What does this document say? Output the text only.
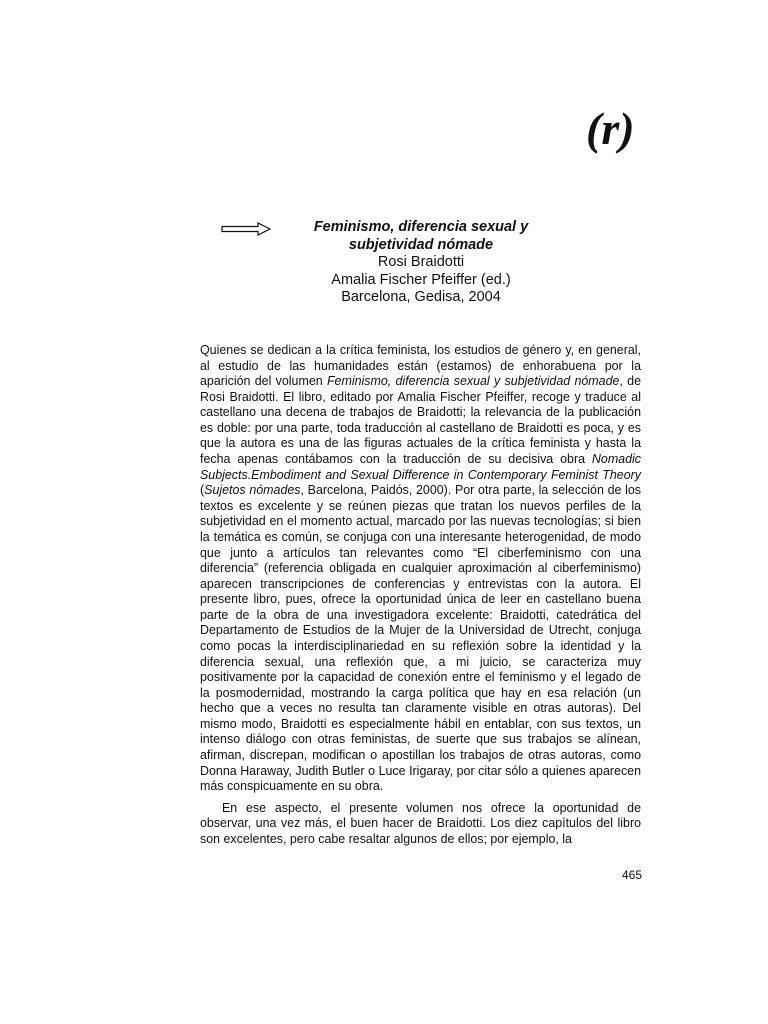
(r)
Feminismo, diferencia sexual y
subjetividad nómade
Rosi Braidotti
Amalia Fischer Pfeiffer (ed.)
Barcelona, Gedisa, 2004

Quienes se dedican a la crítica feminista, los estudios de género y, en general, al estudio de las humanidades están (estamos) de enhorabuena por la aparición del volumen Feminismo, diferencia sexual y subjetividad nómade, de Rosi Braidotti. El libro, editado por Amalia Fischer Pfeiffer, recoge y traduce al castellano una decena de trabajos de Braidotti; la relevancia de la publicación es doble: por una parte, toda traducción al castellano de Braidotti es poca, y es que la autora es una de las figuras actuales de la crítica feminista y hasta la fecha apenas contábamos con la traducción de su decisiva obra Nomadic Subjects.Embodiment and Sexual Difference in Contemporary Feminist Theory (Sujetos nómades, Barcelona, Paidós, 2000). Por otra parte, la selección de los textos es excelente y se reúnen piezas que tratan los nuevos perfiles de la subjetividad en el momento actual, marcado por las nuevas tecnologías; si bien la temática es común, se conjuga con una interesante heterogenidad, de modo que junto a artículos tan relevantes como “El ciberfeminismo con una diferencia” (referencia obligada en cualquier aproximación al ciberfeminismo) aparecen transcripciones de conferencias y entrevistas con la autora. El presente libro, pues, ofrece la oportunidad única de leer en castellano buena parte de la obra de una investigadora excelente: Braidotti, catedrática del Departamento de Estudios de la Mujer de la Universidad de Utrecht, conjuga como pocas la interdisciplinariedad en su reflexión sobre la identidad y la diferencia sexual, una reflexión que, a mi juicio, se caracteriza muy positivamente por la capacidad de conexión entre el feminismo y el legado de la posmodernidad, mostrando la carga política que hay en esa relación (un hecho que a veces no resulta tan claramente visible en otras autoras). Del mismo modo, Braidotti es especialmente hábil en entablar, con sus textos, un intenso diálogo con otras feministas, de suerte que sus trabajos se alínean, afirman, discrepan, modifican o apostillan los trabajos de otras autoras, como Donna Haraway, Judith Butler o Luce Irigaray, por citar sólo a quienes aparecen más conspicuamente en su obra.

En ese aspecto, el presente volumen nos ofrece la oportunidad de observar, una vez más, el buen hacer de Braidotti. Los diez capítulos del libro son excelentes, pero cabe resaltar algunos de ellos; por ejemplo, la

465
